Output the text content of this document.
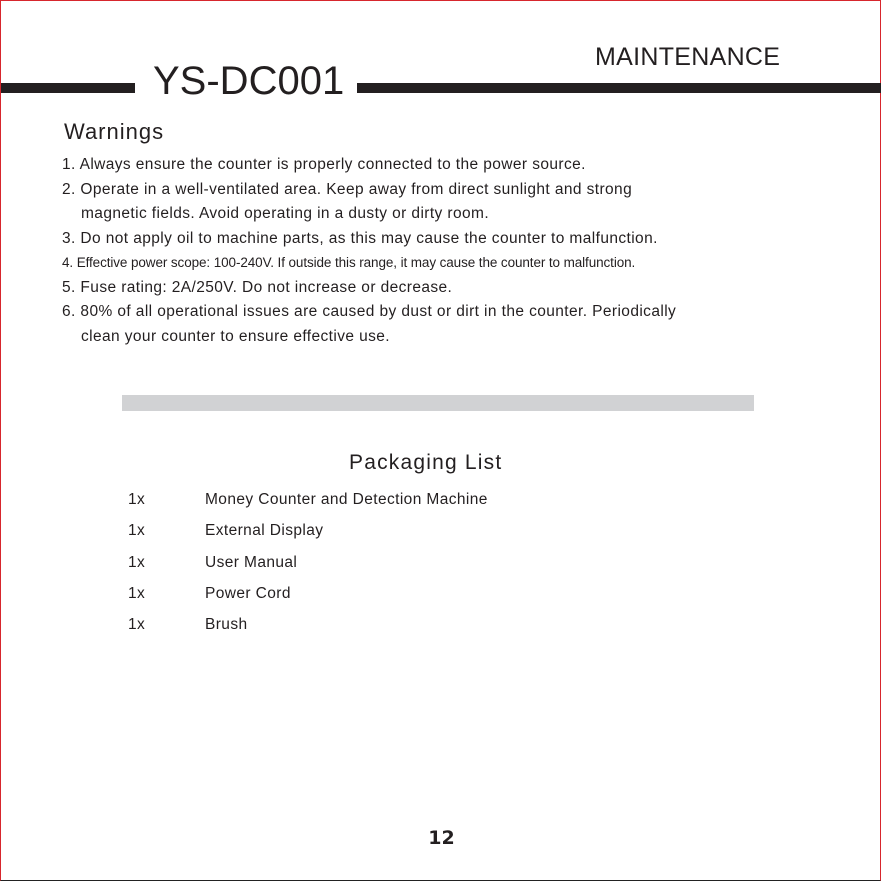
MAINTENANCE
YS-DC001
Warnings
1. Always ensure the counter is properly connected to the power source.
2. Operate in a well-ventilated area. Keep away from direct sunlight and strong
magnetic fields. Avoid operating in a dusty or dirty room.
3. Do not apply oil to machine parts, as this may cause the counter to malfunction.
4. Effective power scope: 100-240V. If outside this range, it may cause the counter to malfunction.
5. Fuse rating: 2A/250V. Do not increase or decrease.
6. 80% of all operational issues are caused by dust or dirt in the counter. Periodically
clean your counter to ensure effective use.
Packaging List
1x	Money Counter and Detection Machine
1x	External Display
1x	User Manual
1x	Power Cord
1x	Brush
12
